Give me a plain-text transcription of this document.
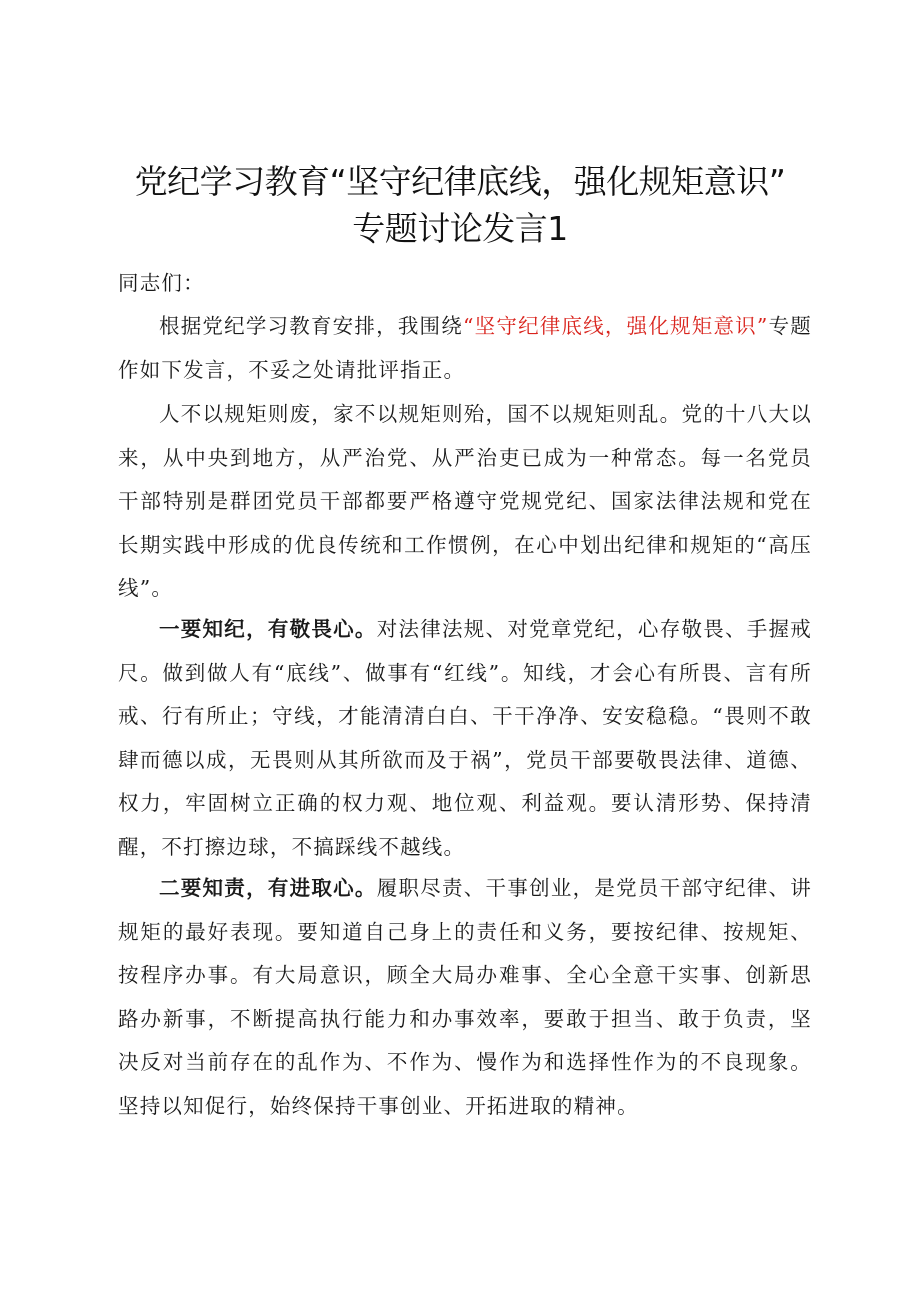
党纪学习教育“坚守纪律底线，强化规矩意识”
专题讨论发言1
同志们：
根据党纪学习教育安排，我围绕“坚守纪律底线，强化规矩意识”专题作如下发言，不妥之处请批评指正。
人不以规矩则废，家不以规矩则殆，国不以规矩则乱。党的十八大以来，从中央到地方，从严治党、从严治吏已成为一种常态。每一名党员干部特别是群团党员干部都要严格遵守党规党纪、国家法律法规和党在长期实践中形成的优良传统和工作惯例，在心中划出纪律和规矩的“高压线”。
一要知纪，有敬畏心。对法律法规、对党章党纪，心存敬畏、手握戒尺。做到做人有“底线”、做事有“红线”。知线，才会心有所畏、言有所戒、行有所止；守线，才能清清白白、干干净净、安安稳稳。“畏则不敢肆而德以成，无畏则从其所欲而及于祸”，党员干部要敬畏法律、道德、权力，牢固树立正确的权力观、地位观、利益观。要认清形势、保持清醒，不打擦边球，不搞踩线不越线。
二要知责，有进取心。履职尽责、干事创业，是党员干部守纪律、讲规矩的最好表现。要知道自己身上的责任和义务，要按纪律、按规矩、按程序办事。有大局意识，顾全大局办难事、全心全意干实事、创新思路办新事，不断提高执行能力和办事效率，要敢于担当、敢于负责，坚决反对当前存在的乱作为、不作为、慢作为和选择性作为的不良现象。坚持以知促行，始终保持干事创业、开拓进取的精神。
